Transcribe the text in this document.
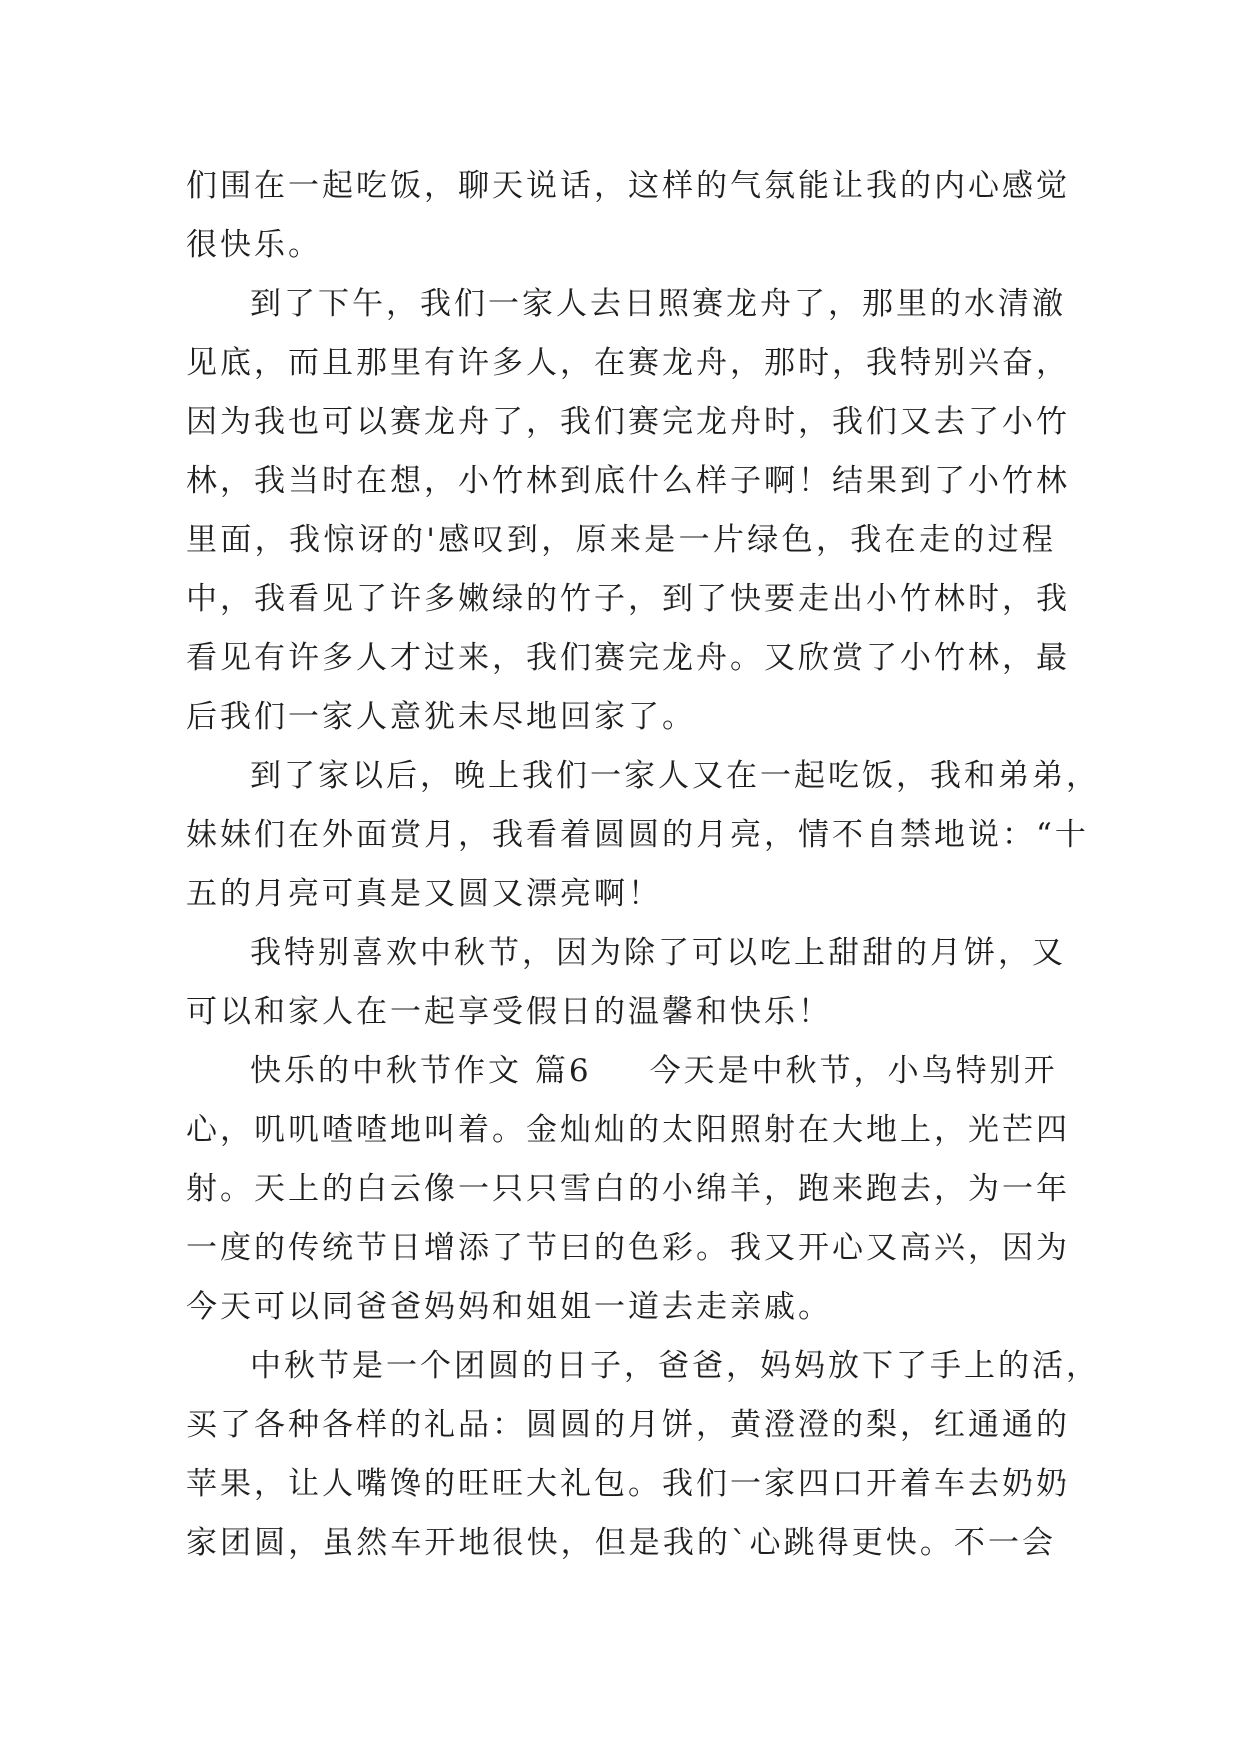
们围在一起吃饭，聊天说话，这样的气氛能让我的内心感觉
很快乐。
到了下午，我们一家人去日照赛龙舟了，那里的水清澈
见底，而且那里有许多人，在赛龙舟，那时，我特别兴奋，
因为我也可以赛龙舟了，我们赛完龙舟时，我们又去了小竹
林，我当时在想，小竹林到底什么样子啊！结果到了小竹林
里面，我惊讶的'感叹到，原来是一片绿色，我在走的过程
中，我看见了许多嫩绿的竹子，到了快要走出小竹林时，我
看见有许多人才过来，我们赛完龙舟。又欣赏了小竹林，最
后我们一家人意犹未尽地回家了。
到了家以后，晚上我们一家人又在一起吃饭，我和弟弟，
妹妹们在外面赏月，我看着圆圆的月亮，情不自禁地说：“十
五的月亮可真是又圆又漂亮啊！
我特别喜欢中秋节，因为除了可以吃上甜甜的月饼，又
可以和家人在一起享受假日的温馨和快乐！
快乐的中秋节作文 篇6 今天是中秋节，小鸟特别开
心，叽叽喳喳地叫着。金灿灿的太阳照射在大地上，光芒四
射。天上的白云像一只只雪白的小绵羊，跑来跑去，为一年
一度的传统节日增添了节曰的色彩。我又开心又高兴，因为
今天可以同爸爸妈妈和姐姐一道去走亲戚。
中秋节是一个团圆的日子，爸爸，妈妈放下了手上的活，
买了各种各样的礼品：圆圆的月饼，黄澄澄的梨，红通通的
苹果，让人嘴馋的旺旺大礼包。我们一家四口开着车去奶奶
家团圆，虽然车开地很快，但是我的`心跳得更快。不一会
